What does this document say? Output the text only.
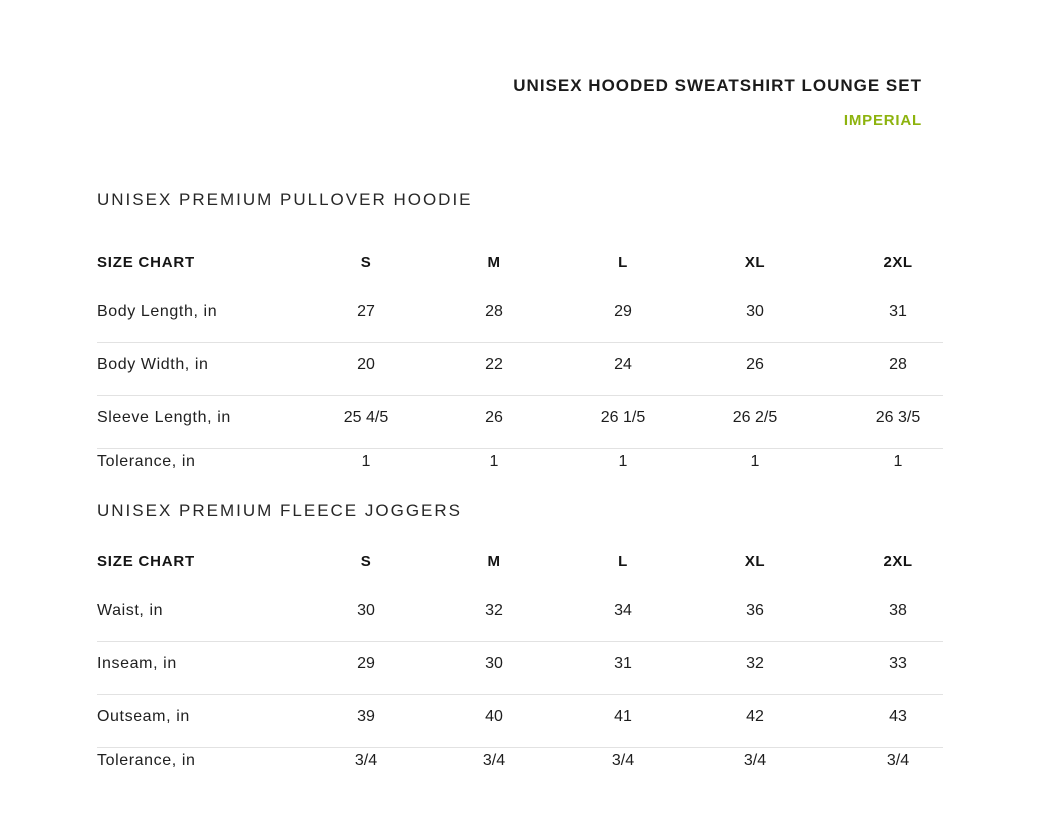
UNISEX HOODED SWEATSHIRT LOUNGE SET
IMPERIAL
UNISEX PREMIUM PULLOVER HOODIE
SIZE CHART	S	M	L	XL	2XL
Body Length, in	27	28	29	30	31
Body Width, in	20	22	24	26	28
Sleeve Length, in	25 4/5	26	26 1/5	26 2/5	26 3/5
Tolerance, in	1	1	1	1	1
UNISEX PREMIUM FLEECE JOGGERS
SIZE CHART	S	M	L	XL	2XL
Waist, in	30	32	34	36	38
Inseam, in	29	30	31	32	33
Outseam, in	39	40	41	42	43
Tolerance, in	3/4	3/4	3/4	3/4	3/4
